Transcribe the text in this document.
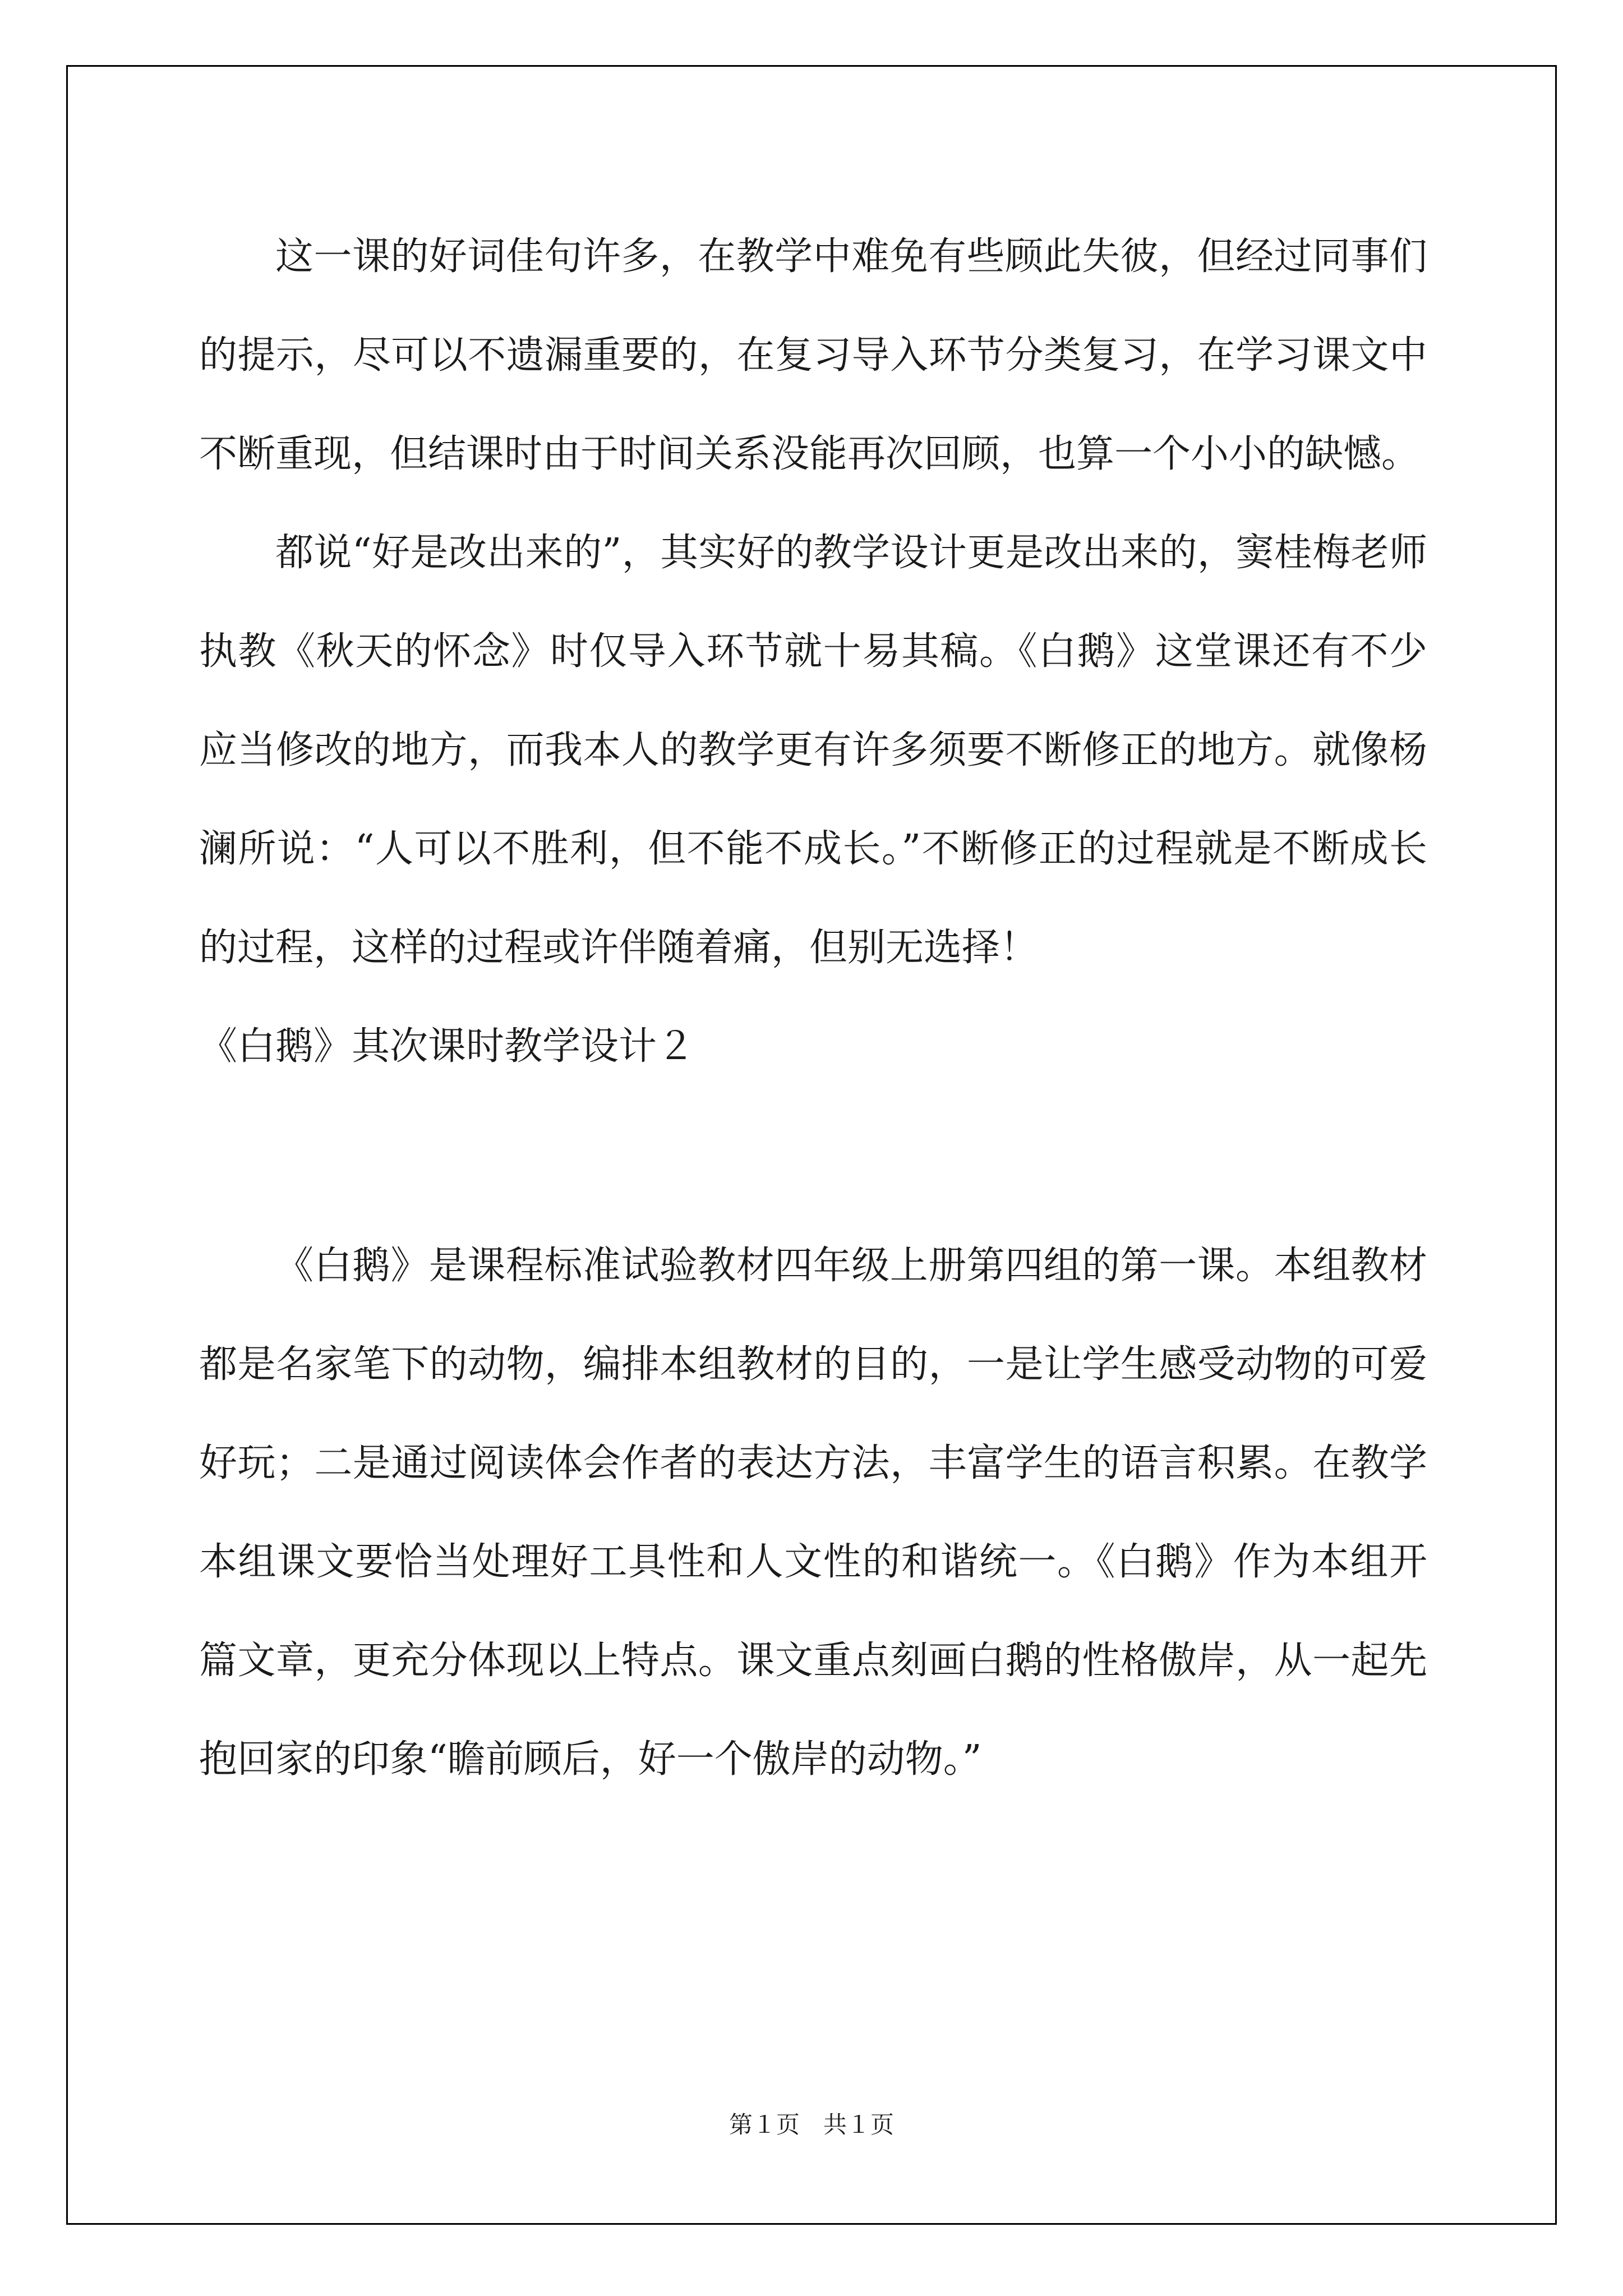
这一课的好词佳句许多，在教学中难免有些顾此失彼，但经过同事们的提示，尽可以不遗漏重要的，在复习导入环节分类复习，在学习课文中不断重现，但结课时由于时间关系没能再次回顾，也算一个小小的缺憾。

都说“好是改出来的”，其实好的教学设计更是改出来的，窦桂梅老师执教《秋天的怀念》时仅导入环节就十易其稿。《白鹅》这堂课还有不少应当修改的地方，而我本人的教学更有许多须要不断修正的地方。就像杨澜所说：“人可以不胜利，但不能不成长。”不断修正的过程就是不断成长的过程，这样的过程或许伴随着痛，但别无选择！

《白鹅》其次课时教学设计２

《白鹅》是课程标准试验教材四年级上册第四组的第一课。本组教材都是名家笔下的动物，编排本组教材的目的，一是让学生感受动物的可爱好玩；二是通过阅读体会作者的表达方法，丰富学生的语言积累。在教学本组课文要恰当处理好工具性和人文性的和谐统一。《白鹅》作为本组开篇文章，更充分体现以上特点。课文重点刻画白鹅的性格傲岸，从一起先抱回家的印象“瞻前顾后，好一个傲岸的动物。”

第１页　共１页
